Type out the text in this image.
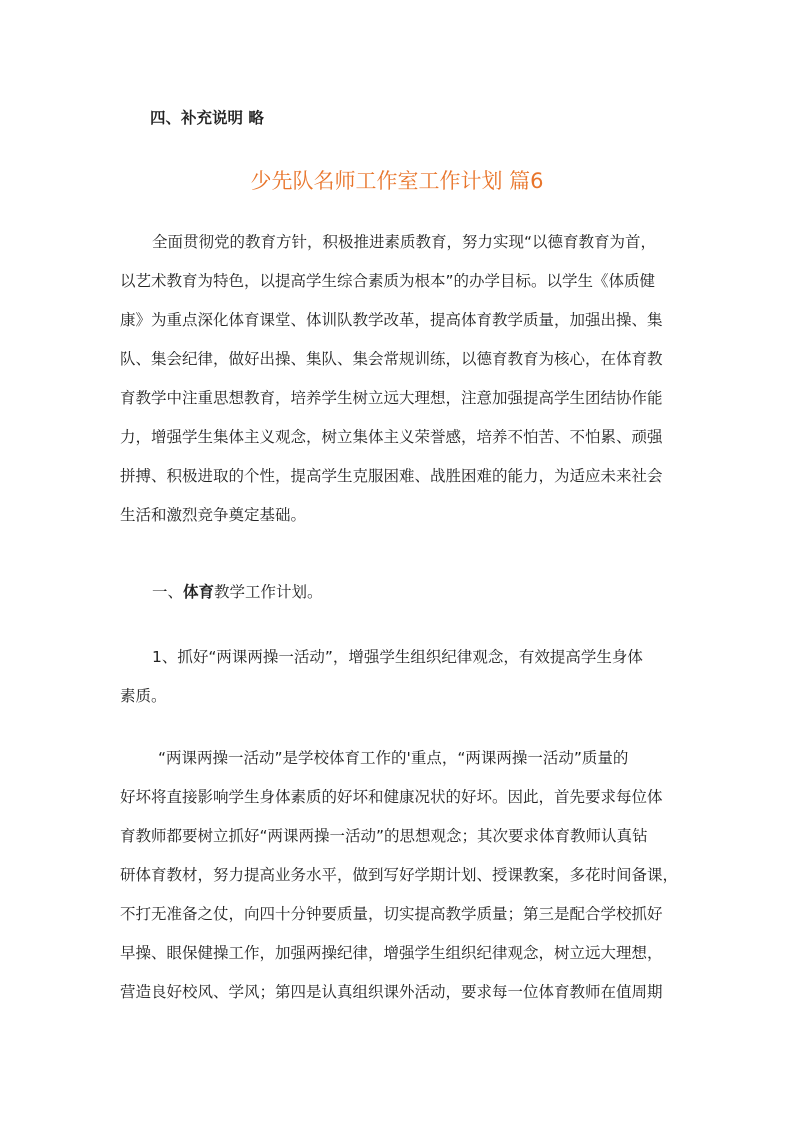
四、补充说明 略
少先队名师工作室工作计划 篇6
全面贯彻党的教育方针，积极推进素质教育，努力实现“以德育教育为首，
以艺术教育为特色，以提高学生综合素质为根本”的办学目标。以学生《体质健
康》为重点深化体育课堂、体训队教学改革，提高体育教学质量，加强出操、集
队、集会纪律，做好出操、集队、集会常规训练，以德育教育为核心，在体育教
育教学中注重思想教育，培养学生树立远大理想，注意加强提高学生团结协作能
力，增强学生集体主义观念，树立集体主义荣誉感，培养不怕苦、不怕累、顽强
拼搏、积极进取的个性，提高学生克服困难、战胜困难的能力，为适应未来社会
生活和激烈竞争奠定基础。
一、体育教学工作计划。
1、抓好“两课两操一活动”，增强学生组织纪律观念，有效提高学生身体
素质。
“两课两操一活动”是学校体育工作的'重点，“两课两操一活动”质量的
好坏将直接影响学生身体素质的好坏和健康况状的好坏。因此，首先要求每位体
育教师都要树立抓好“两课两操一活动”的思想观念；其次要求体育教师认真钻
研体育教材，努力提高业务水平，做到写好学期计划、授课教案，多花时间备课，
不打无准备之仗，向四十分钟要质量，切实提高教学质量；第三是配合学校抓好
早操、眼保健操工作，加强两操纪律，增强学生组织纪律观念，树立远大理想，
营造良好校风、学风；第四是认真组织课外活动，要求每一位体育教师在值周期
